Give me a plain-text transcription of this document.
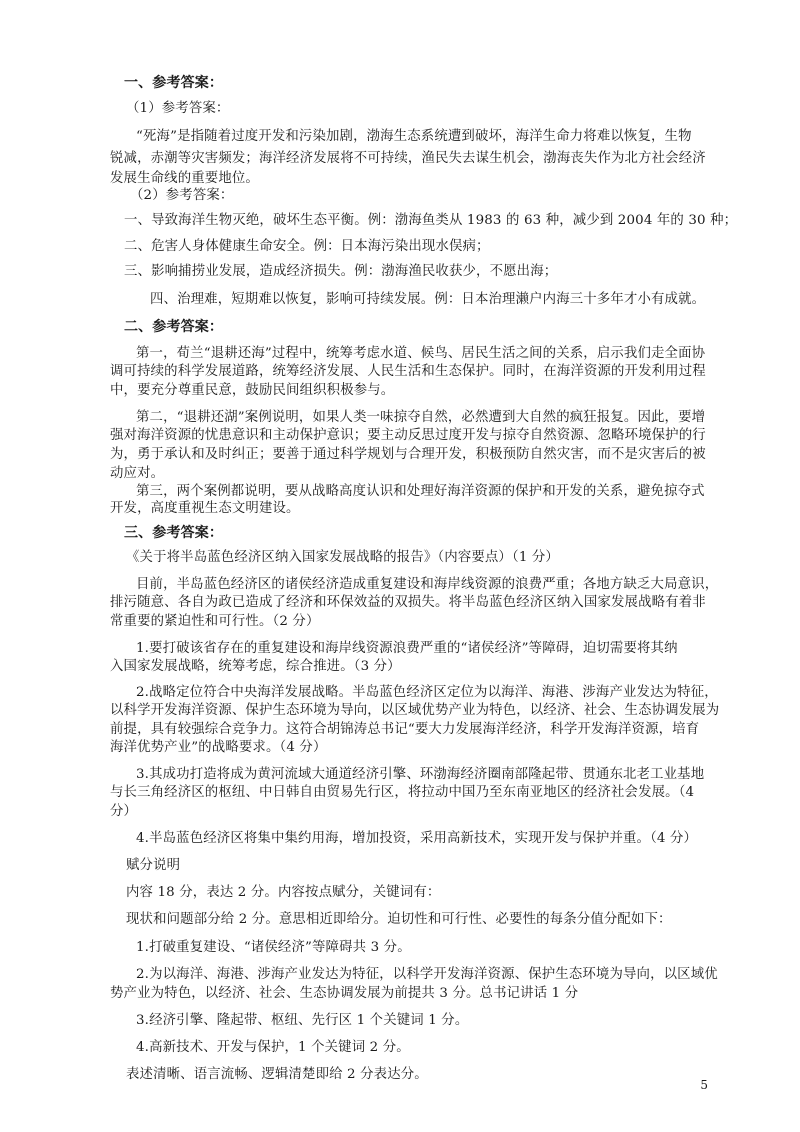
一、参考答案：
（1）参考答案：
“死海”是指随着过度开发和污染加剧，渤海生态系统遭到破坏，海洋生命力将难以恢复，生物
锐减，赤潮等灾害频发；海洋经济发展将不可持续，渔民失去谋生机会，渤海丧失作为北方社会经济
发展生命线的重要地位。
（2）参考答案：
一、导致海洋生物灭绝，破坏生态平衡。例：渤海鱼类从 1983 的 63 种，减少到 2004 年的 30 种；
二、危害人身体健康生命安全。例：日本海污染出现水俣病；
三、影响捕捞业发展，造成经济损失。例：渤海渔民收获少，不愿出海；
四、治理难，短期难以恢复，影响可持续发展。例：日本治理濑户内海三十多年才小有成就。
二、参考答案：
第一，荀兰“退耕还海”过程中，统筹考虑水道、候鸟、居民生活之间的关系，启示我们走全面协
调可持续的科学发展道路，统筹经济发展、人民生活和生态保护。同时，在海洋资源的开发利用过程
中，要充分尊重民意，鼓励民间组织积极参与。
第二，“退耕还湖”案例说明，如果人类一味掠夺自然，必然遭到大自然的疯狂报复。因此，要增
强对海洋资源的忧患意识和主动保护意识；要主动反思过度开发与掠夺自然资源、忽略环境保护的行
为，勇于承认和及时纠正；要善于通过科学规划与合理开发，积极预防自然灾害，而不是灾害后的被
动应对。
第三，两个案例都说明，要从战略高度认识和处理好海洋资源的保护和开发的关系，避免掠夺式
开发，高度重视生态文明建设。
三、参考答案：
《关于将半岛蓝色经济区纳入国家发展战略的报告》（内容要点）（1 分）
目前，半岛蓝色经济区的诸侯经济造成重复建设和海岸线资源的浪费严重；各地方缺乏大局意识，
排污随意、各自为政已造成了经济和环保效益的双损失。将半岛蓝色经济区纳入国家发展战略有着非
常重要的紧迫性和可行性。（2 分）
1.要打破该省存在的重复建设和海岸线资源浪费严重的“诸侯经济”等障碍，迫切需要将其纳
入国家发展战略，统筹考虑，综合推进。（3 分）
2.战略定位符合中央海洋发展战略。半岛蓝色经济区定位为以海洋、海港、涉海产业发达为特征，
以科学开发海洋资源、保护生态环境为导向，以区域优势产业为特色，以经济、社会、生态协调发展为
前提，具有较强综合竞争力。这符合胡锦涛总书记“要大力发展海洋经济，科学开发海洋资源，培育
海洋优势产业”的战略要求。（4 分）
3.其成功打造将成为黄河流域大通道经济引擎、环渤海经济圈南部隆起带、贯通东北老工业基地
与长三角经济区的枢纽、中日韩自由贸易先行区，将拉动中国乃至东南亚地区的经济社会发展。（4
分）
4.半岛蓝色经济区将集中集约用海，增加投资，采用高新技术，实现开发与保护并重。（4 分）
赋分说明
内容 18 分，表达 2 分。内容按点赋分，关键词有：
现状和问题部分给 2 分。意思相近即给分。迫切性和可行性、必要性的每条分值分配如下：
1.打破重复建设、“诸侯经济”等障碍共 3 分。
2.为以海洋、海港、涉海产业发达为特征，以科学开发海洋资源、保护生态环境为导向，以区域优
势产业为特色，以经济、社会、生态协调发展为前提共 3 分。总书记讲话 1 分
3.经济引擎、隆起带、枢纽、先行区 1 个关键词 1 分。
4.高新技术、开发与保护，1 个关键词 2 分。
表述清晰、语言流畅、逻辑清楚即给 2 分表达分。
5
